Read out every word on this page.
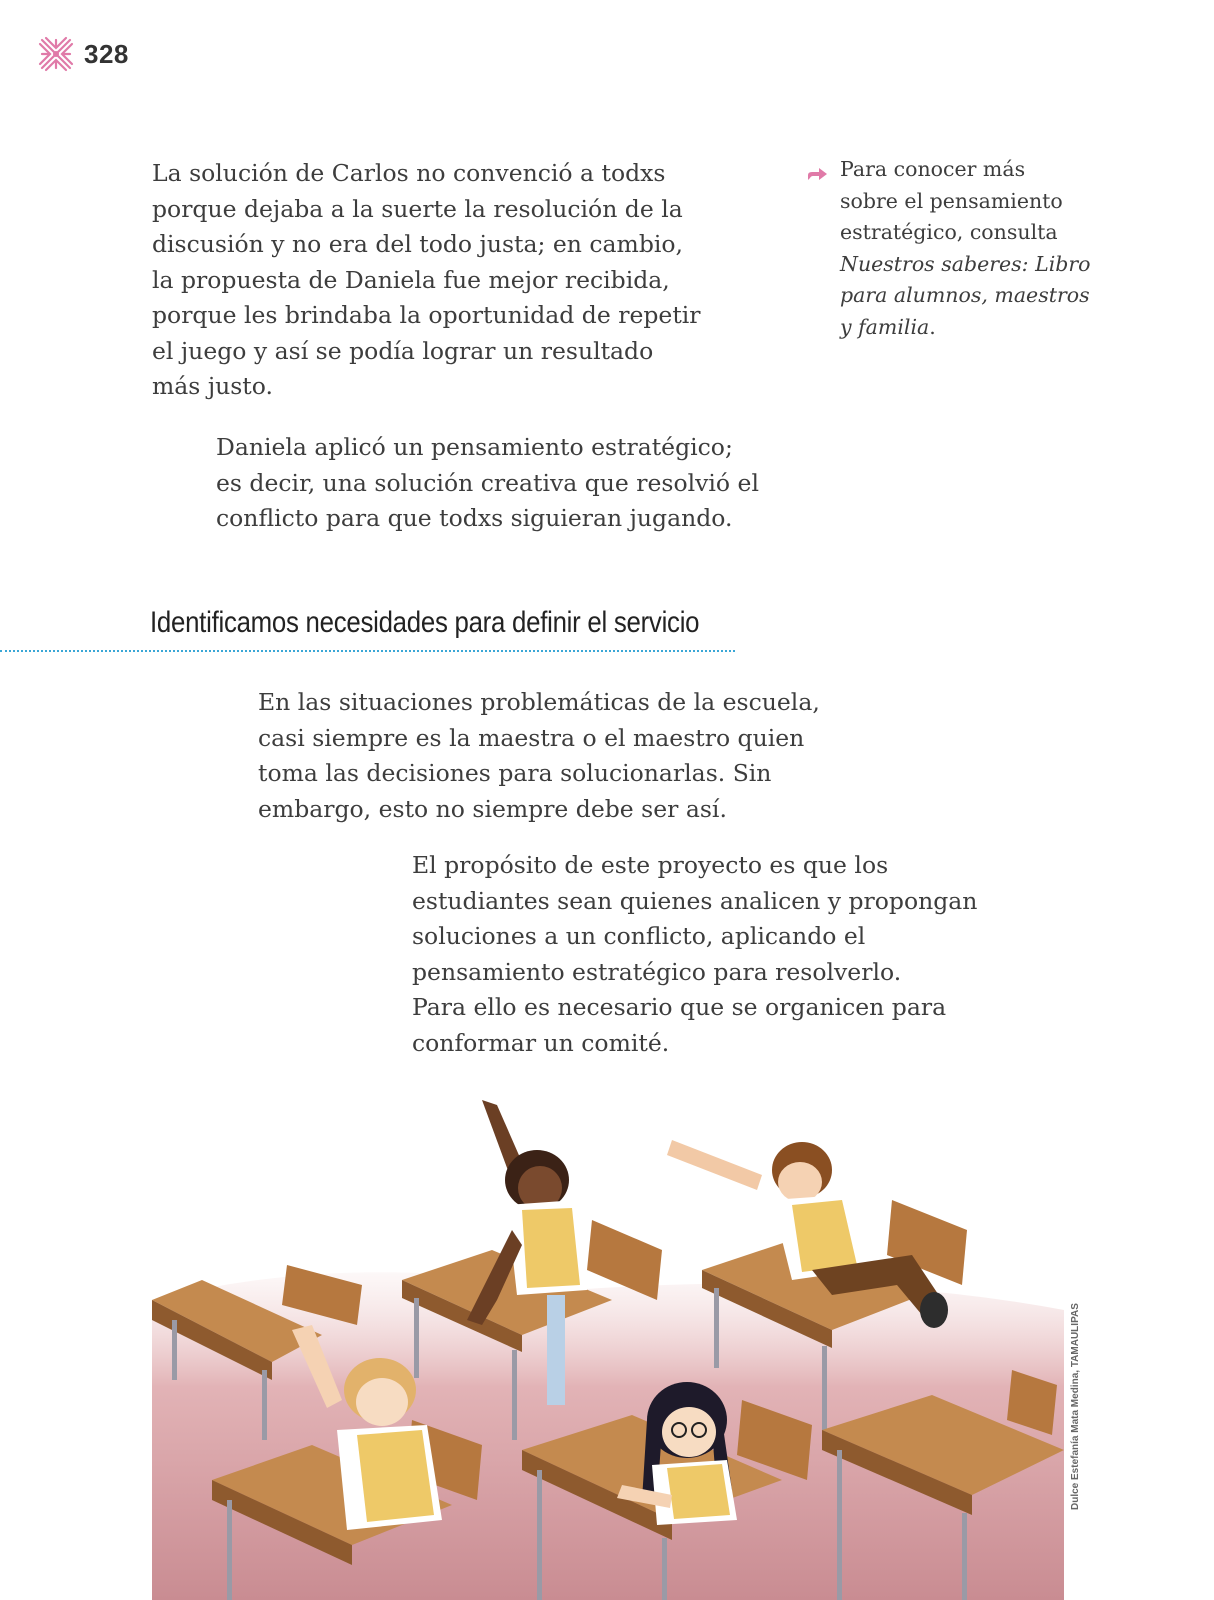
328

La solución de Carlos no convenció a todxs
porque dejaba a la suerte la resolución de la
discusión y no era del todo justa; en cambio,
la propuesta de Daniela fue mejor recibida,
porque les brindaba la oportunidad de repetir
el juego y así se podía lograr un resultado
más justo.

Para conocer más
sobre el pensamiento
estratégico, consulta
Nuestros saberes: Libro
para alumnos, maestros
y familia.

Daniela aplicó un pensamiento estratégico;
es decir, una solución creativa que resolvió el
conflicto para que todxs siguieran jugando.

Identificamos necesidades para definir el servicio

En las situaciones problemáticas de la escuela,
casi siempre es la maestra o el maestro quien
toma las decisiones para solucionarlas. Sin
embargo, esto no siempre debe ser así.

El propósito de este proyecto es que los
estudiantes sean quienes analicen y propongan
soluciones a un conflicto, aplicando el
pensamiento estratégico para resolverlo.
Para ello es necesario que se organicen para
conformar un comité.

Dulce Estefanía Mata Medina, TAMAULIPAS
